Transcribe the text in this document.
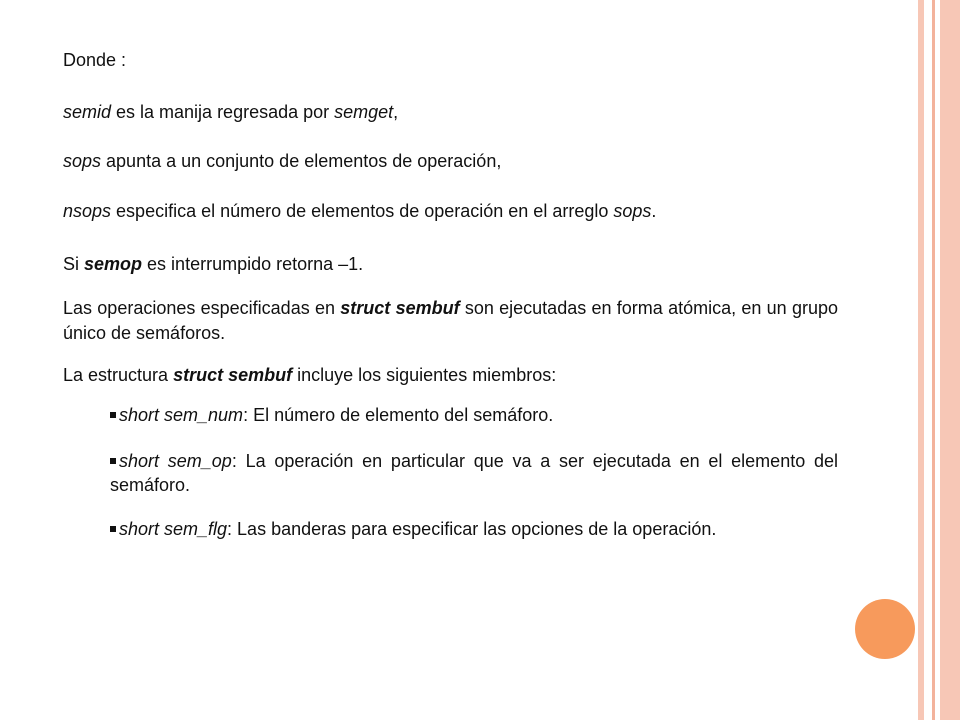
Donde :
semid es la manija regresada por semget,
sops apunta a un conjunto de elementos de operación,
nsops especifica el número de elementos de operación en el arreglo sops.
Si semop es interrumpido retorna –1.
Las operaciones especificadas en struct sembuf son ejecutadas en forma atómica, en un grupo único de semáforos.
La estructura struct sembuf incluye los siguientes miembros:
short sem_num: El número de elemento del semáforo.
short sem_op: La operación en particular que va a ser ejecutada en el elemento del semáforo.
short sem_flg: Las banderas para especificar las opciones de la operación.
